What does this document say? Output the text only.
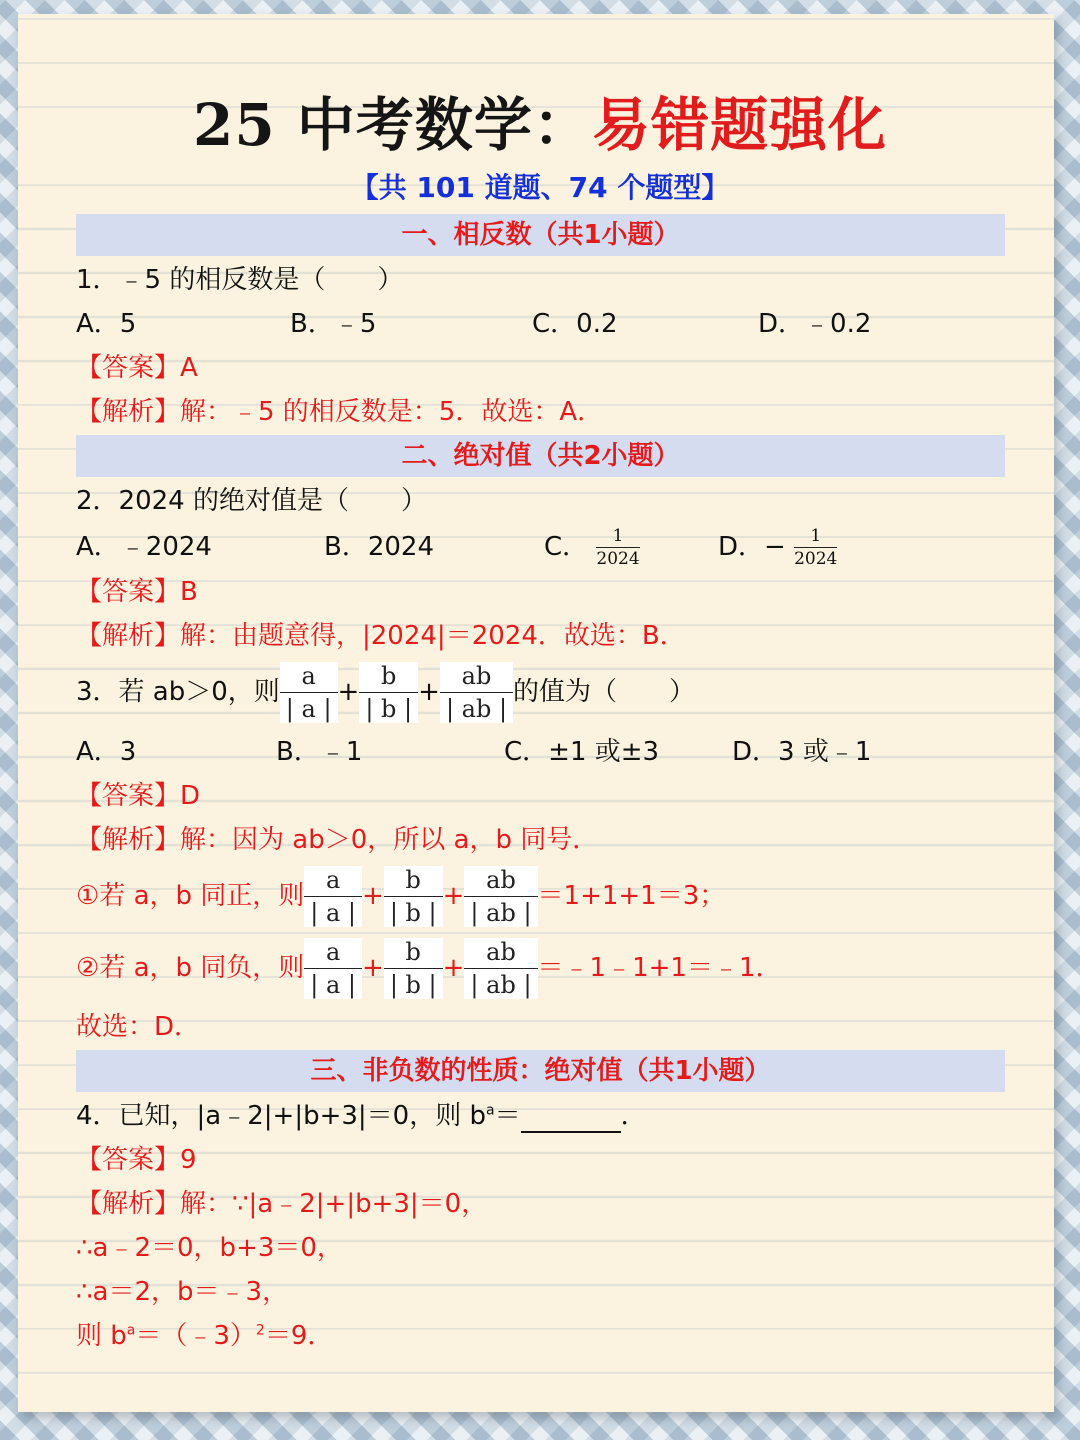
25 中考数学：易错题强化
【共 101 道题、74 个题型】
一、相反数（共1小题）
1．﹣5 的相反数是（　　）
A．5	B．﹣5	C．0.2	D．﹣0.2
【答案】A
【解析】解：﹣5 的相反数是：5．故选：A．
二、绝对值（共2小题）
2．2024 的绝对值是（　　）
A．﹣2024	B．2024	C． $\frac{1}{2024}$	D．− $\frac{1}{2024}$
【答案】B
【解析】解：由题意得，|2024|＝2024．故选：B．
3．若 ab＞0，则 $\frac{a}{| a |} + \frac{b}{| b |} + \frac{ab}{| ab |}$ 的值为（　　）
A．3	B．﹣1	C．±1 或±3	D．3 或﹣1
【答案】D
【解析】解：因为 ab＞0，所以 a，b 同号．
①若 a，b 同正，则 $\frac{a}{| a |} + \frac{b}{| b |} + \frac{ab}{| ab |} =1+1+1=3$；
②若 a，b 同负，则 $\frac{a}{| a |} + \frac{b}{| b |} + \frac{ab}{| ab |}$ ＝﹣1﹣1+1＝﹣1．
故选：D．
三、非负数的性质：绝对值（共1小题）
4．已知，|a﹣2|+|b+3|＝0，则 $b^a=$	．
【答案】9
【解析】解：∵|a﹣2|+|b+3|＝0，
∴a﹣2＝0，b+3＝0，
∴a＝2，b＝﹣3，
则 $b^a=(﹣3)^2=9$．
